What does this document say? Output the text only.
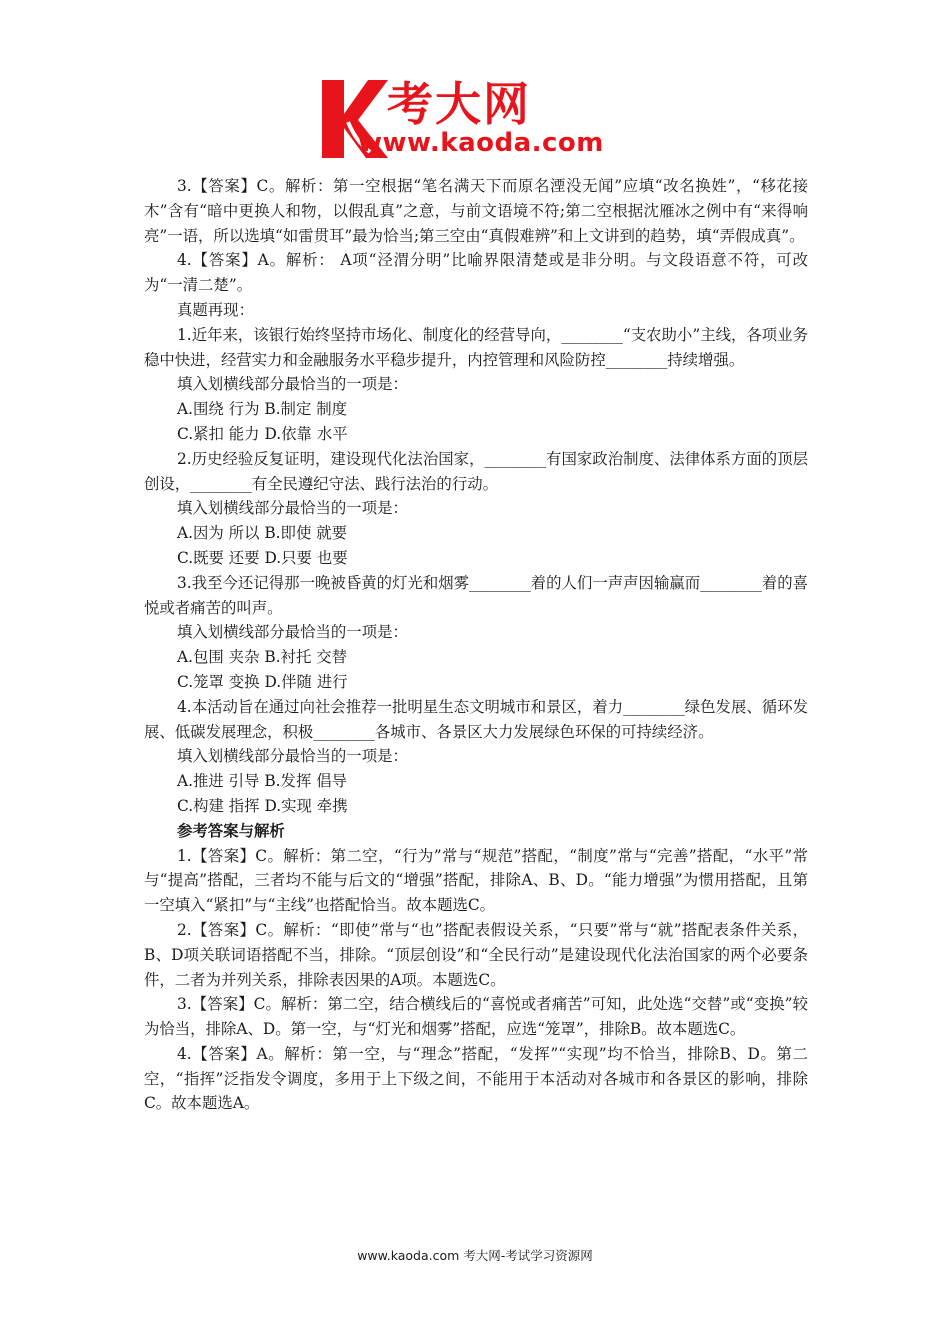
考大网
www.kaoda.com

3.【答案】C。解析：第一空根据“笔名满天下而原名湮没无闻”应填“改名换姓”，“移花接木”含有“暗中更换人和物，以假乱真”之意，与前文语境不符;第二空根据沈雁冰之例中有“来得响亮”一语，所以选填“如雷贯耳”最为恰当;第三空由“真假难辨”和上文讲到的趋势，填“弄假成真”。

4.【答案】A。解析： A项“泾渭分明”比喻界限清楚或是非分明。与文段语意不符，可改为“一清二楚”。

真题再现：

1.近年来，该银行始终坚持市场化、制度化的经营导向，________“支农助小”主线，各项业务稳中快进，经营实力和金融服务水平稳步提升，内控管理和风险防控________持续增强。

填入划横线部分最恰当的一项是：

A.围绕 行为 B.制定 制度

C.紧扣 能力 D.依靠 水平

2.历史经验反复证明，建设现代化法治国家，________有国家政治制度、法律体系方面的顶层创设，________有全民遵纪守法、践行法治的行动。

填入划横线部分最恰当的一项是：

A.因为 所以 B.即使 就要

C.既要 还要 D.只要 也要

3.我至今还记得那一晚被昏黄的灯光和烟雾________着的人们一声声因输赢而________着的喜悦或者痛苦的叫声。

填入划横线部分最恰当的一项是：

A.包围 夹杂 B.衬托 交替

C.笼罩 变换 D.伴随 进行

4.本活动旨在通过向社会推荐一批明星生态文明城市和景区，着力________绿色发展、循环发展、低碳发展理念，积极________各城市、各景区大力发展绿色环保的可持续经济。

填入划横线部分最恰当的一项是：

A.推进 引导 B.发挥 倡导

C.构建 指挥 D.实现 牵携

参考答案与解析

1.【答案】C。解析：第二空，“行为”常与“规范”搭配，“制度”常与“完善”搭配，“水平”常与“提高”搭配，三者均不能与后文的“增强”搭配，排除A、B、D。“能力增强”为惯用搭配，且第一空填入“紧扣”与“主线”也搭配恰当。故本题选C。

2.【答案】C。解析：“即使”常与“也”搭配表假设关系，“只要”常与“就”搭配表条件关系，B、D项关联词语搭配不当，排除。“顶层创设”和“全民行动”是建设现代化法治国家的两个必要条件，二者为并列关系，排除表因果的A项。本题选C。

3.【答案】C。解析：第二空，结合横线后的“喜悦或者痛苦”可知，此处选“交替”或“变换”较为恰当，排除A、D。第一空，与“灯光和烟雾”搭配，应选“笼罩”，排除B。故本题选C。

4.【答案】A。解析：第一空，与“理念”搭配，“发挥”“实现”均不恰当，排除B、D。第二空，“指挥”泛指发令调度，多用于上下级之间，不能用于本活动对各城市和各景区的影响，排除C。故本题选A。

www.kaoda.com 考大网-考试学习资源网
